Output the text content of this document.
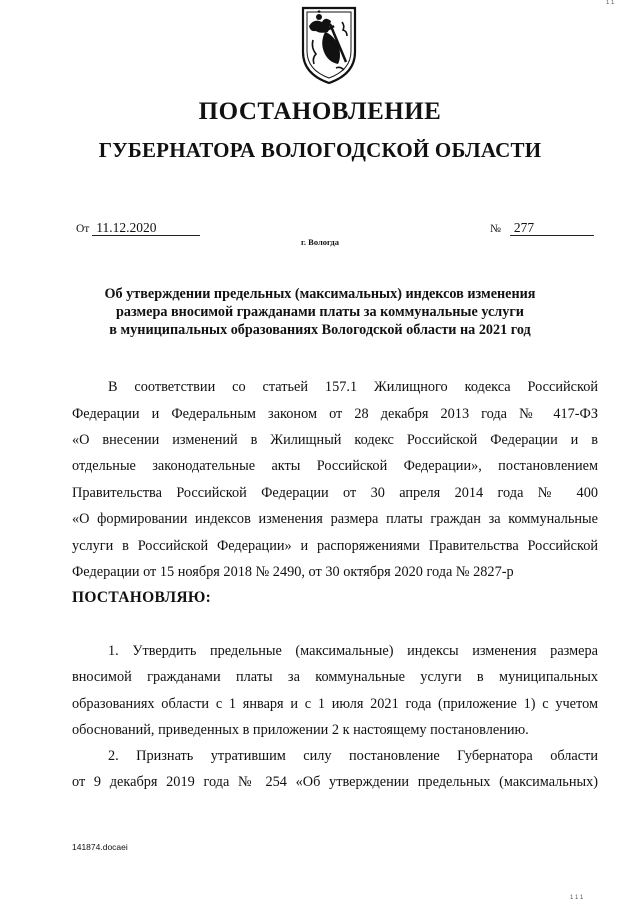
ПОСТАНОВЛЕНИЕ
ГУБЕРНАТОРА ВОЛОГОДСКОЙ ОБЛАСТИ
От 11.12.2020	№ 277
г. Вологда
Об утверждении предельных (максимальных) индексов изменения
размера вносимой гражданами платы за коммунальные услуги
в муниципальных образованиях Вологодской области на 2021 год
В соответствии со статьей 157.1 Жилищного кодекса Российской
Федерации и Федеральным законом от 28 декабря 2013 года № 417-ФЗ
«О внесении изменений в Жилищный кодекс Российской Федерации и в
отдельные законодательные акты Российской Федерации», постановлением
Правительства Российской Федерации от 30 апреля 2014 года № 400
«О формировании индексов изменения размера платы граждан за коммунальные
услуги в Российской Федерации» и распоряжениями Правительства Российской
Федерации от 15 ноября 2018 № 2490, от 30 октября 2020 года № 2827-р
ПОСТАНОВЛЯЮ:
1. Утвердить предельные (максимальные) индексы изменения размера
вносимой гражданами платы за коммунальные услуги в муниципальных
образованиях области с 1 января и с 1 июля 2021 года (приложение 1) с учетом
обоснований, приведенных в приложении 2 к настоящему постановлению.
2. Признать утратившим силу постановление Губернатора области
от 9 декабря 2019 года № 254 «Об утверждении предельных (максимальных)
141874.docaei
1 1 1
1 1
